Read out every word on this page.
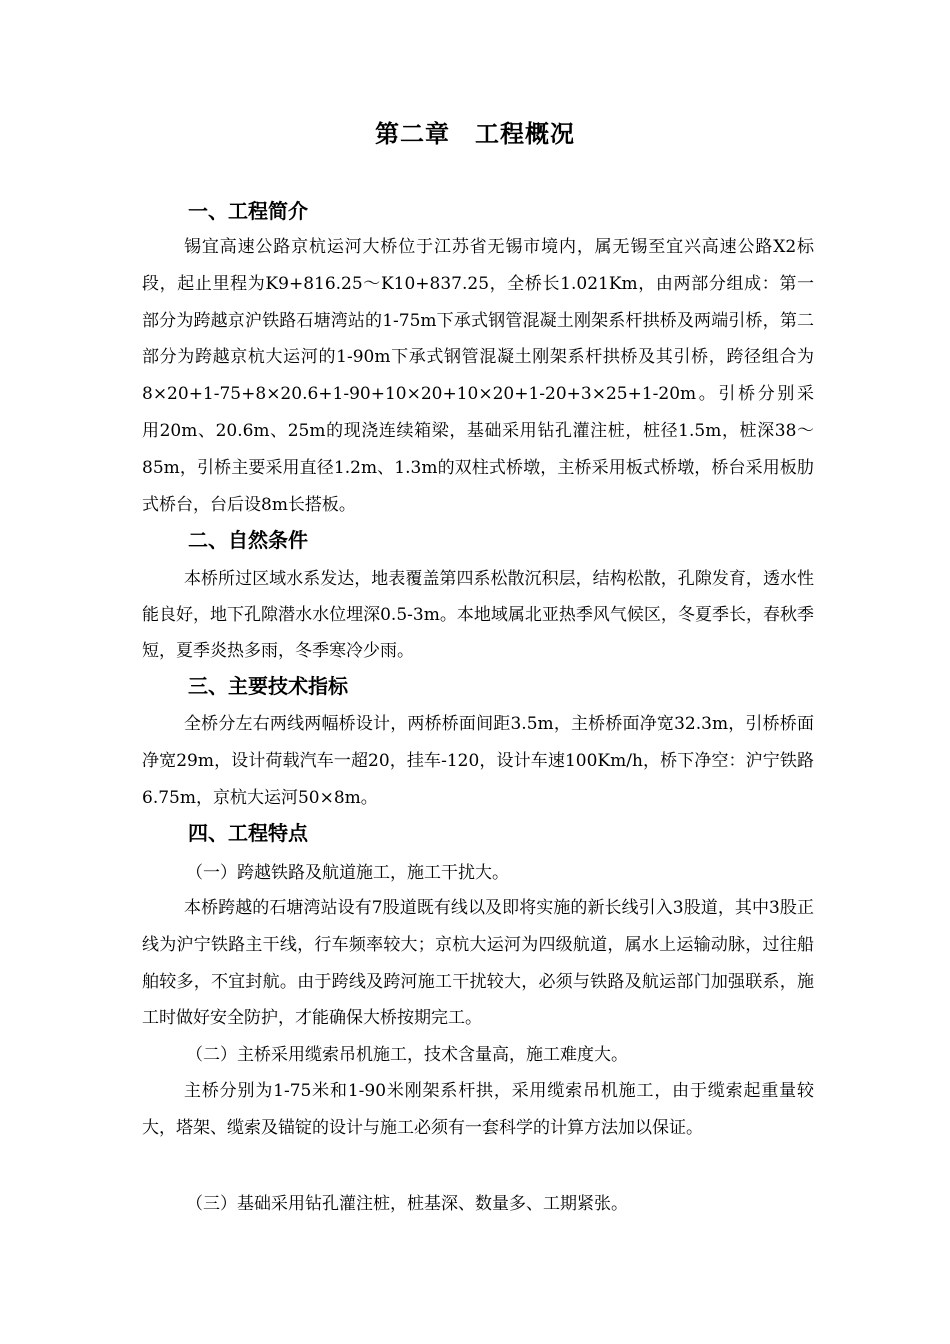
第二章　工程概况
一、工程简介

锡宜高速公路京杭运河大桥位于江苏省无锡市境内，属无锡至宜兴高速公路X2标段，起止里程为K9+816.25～K10+837.25，全桥长1.021Km，由两部分组成：第一部分为跨越京沪铁路石塘湾站的1-75m下承式钢管混凝土刚架系杆拱桥及两端引桥，第二部分为跨越京杭大运河的1-90m下承式钢管混凝土刚架系杆拱桥及其引桥，跨径组合为8×20+1-75+8×20.6+1-90+10×20+10×20+1-20+3×25+1-20m。引桥分别采用20m、20.6m、25m的现浇连续箱梁，基础采用钻孔灌注桩，桩径1.5m，桩深38～85m，引桥主要采用直径1.2m、1.3m的双柱式桥墩，主桥采用板式桥墩，桥台采用板肋式桥台，台后设8m长搭板。

二、自然条件

本桥所过区域水系发达，地表覆盖第四系松散沉积层，结构松散，孔隙发育，透水性能良好，地下孔隙潜水水位埋深0.5-3m。本地域属北亚热季风气候区，冬夏季长，春秋季短，夏季炎热多雨，冬季寒冷少雨。

三、主要技术指标

全桥分左右两线两幅桥设计，两桥桥面间距3.5m，主桥桥面净宽32.3m，引桥桥面净宽29m，设计荷载汽车一超20，挂车-120，设计车速100Km/h，桥下净空：沪宁铁路6.75m，京杭大运河50×8m。

四、工程特点

（一）跨越铁路及航道施工，施工干扰大。

本桥跨越的石塘湾站设有7股道既有线以及即将实施的新长线引入3股道，其中3股正线为沪宁铁路主干线，行车频率较大；京杭大运河为四级航道，属水上运输动脉，过往船舶较多，不宜封航。由于跨线及跨河施工干扰较大，必须与铁路及航运部门加强联系，施工时做好安全防护，才能确保大桥按期完工。

（二）主桥采用缆索吊机施工，技术含量高，施工难度大。

主桥分别为1-75米和1-90米刚架系杆拱，采用缆索吊机施工，由于缆索起重量较大，塔架、缆索及锚锭的设计与施工必须有一套科学的计算方法加以保证。

（三）基础采用钻孔灌注桩，桩基深、数量多、工期紧张。
